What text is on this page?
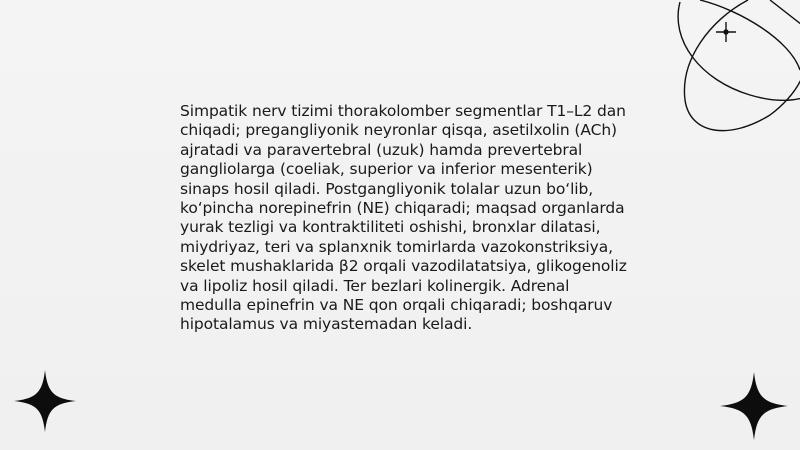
Simpatik nerv tizimi thorakolomber segmentlar T1–L2 dan chiqadi; pregangliyonik neyronlar qisqa, asetilxolin (ACh) ajratadi va paravertebral (uzuk) hamda prevertebral gangliolarga (coeliak, superior va inferior mesenterik) sinaps hosil qiladi. Postgangliyonik tolalar uzun bo‘lib, ko‘pincha norepinefrin (NE) chiqaradi; maqsad organlarda yurak tezligi va kontraktiliteti oshishi, bronxlar dilatasi, miydriyaz, teri va splanxnik tomirlarda vazokonstriksiya, skelet mushaklarida β2 orqali vazodilatatsiya, glikogenoliz va lipoliz hosil qiladi. Ter bezlari kolinergik. Adrenal medulla epinefrin va NE qon orqali chiqaradi; boshqaruv hipotalamus va miyastemadan keladi.
